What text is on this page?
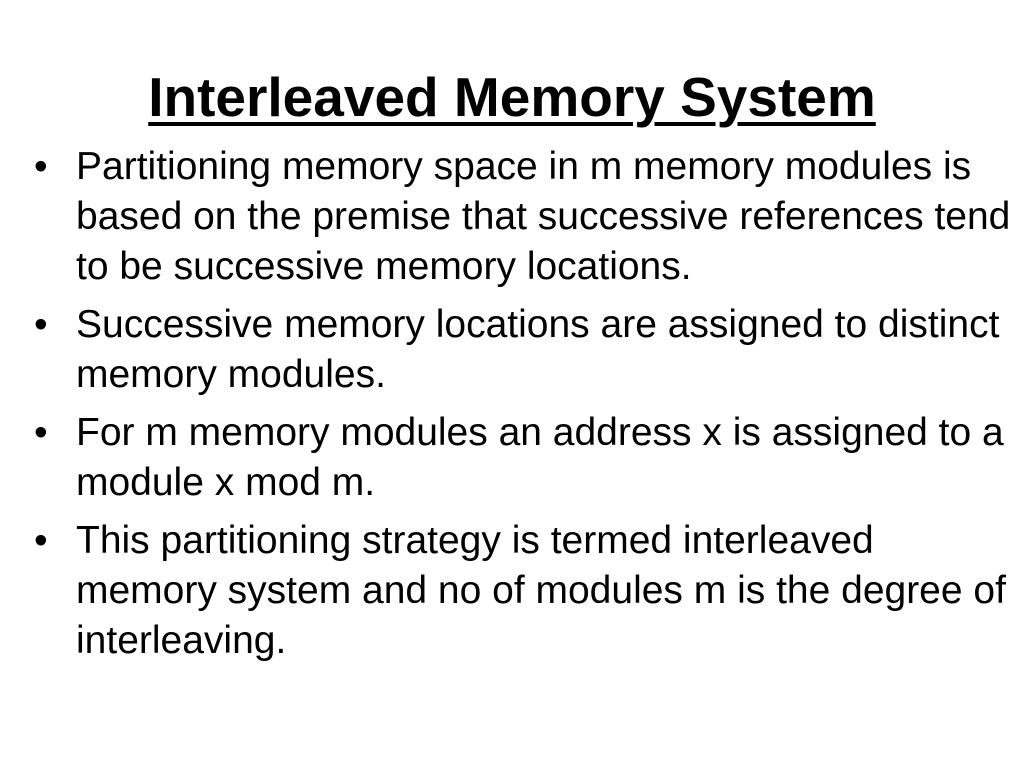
Interleaved Memory System
• Partitioning memory space in m memory modules is based on the premise that successive references tend to be successive memory locations.
• Successive memory locations are assigned to distinct memory modules.
• For m memory modules an address x is assigned to a module x mod m.
• This partitioning strategy is termed interleaved memory system and no of modules m is the degree of interleaving.
